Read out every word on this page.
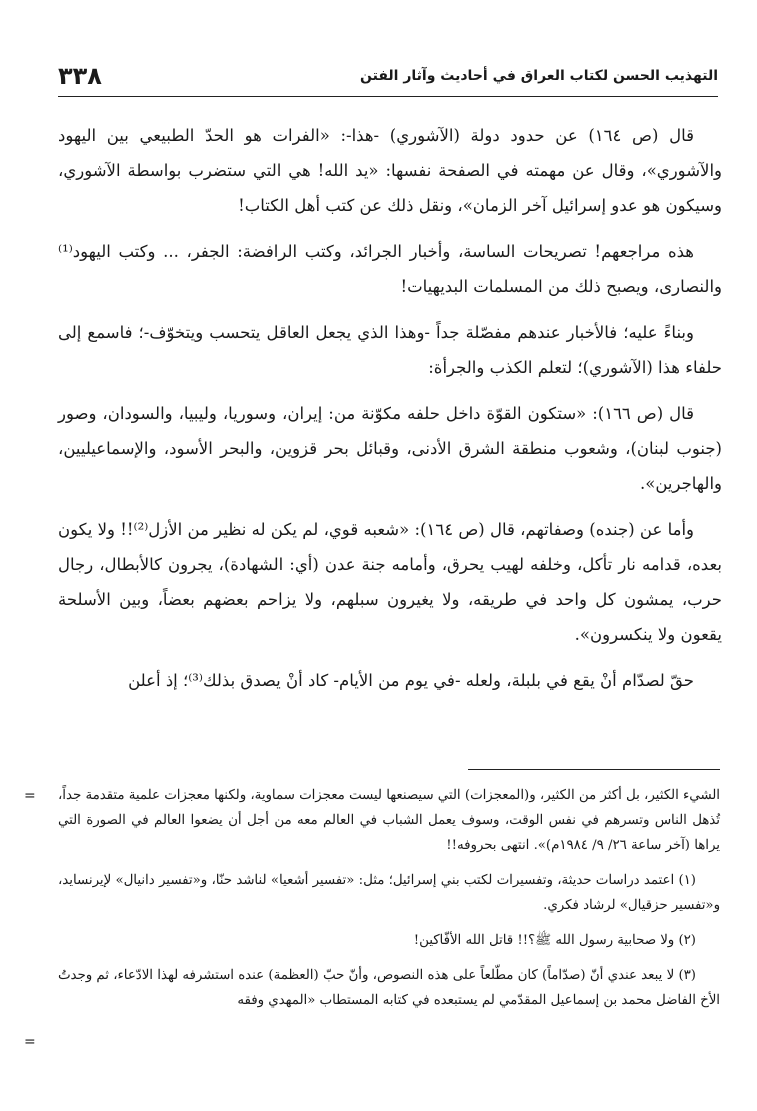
٣٣٨	التهذيب الحسن لكتاب العراق في أحاديث وآثار الفتن

قال (ص ١٦٤) عن حدود دولة (الآشوري) -هذا-: «الفرات هو الحدّ الطبيعي بين اليهود والآشوري»، وقال عن مهمته في الصفحة نفسها: «يد الله! هي التي ستضرب بواسطة الآشوري، وسيكون هو عدو إسرائيل آخر الزمان»، ونقل ذلك عن كتب أهل الكتاب!

هذه مراجعهم! تصريحات الساسة، وأخبار الجرائد، وكتب الرافضة: الجفر، ... وكتب اليهود⁽¹⁾ والنصارى، ويصبح ذلك من المسلمات البديهيات!

وبناءً عليه؛ فالأخبار عندهم مفصّلة جداً -وهذا الذي يجعل العاقل يتحسب ويتخوّف-؛ فاسمع إلى حلفاء هذا (الآشوري)؛ لتعلم الكذب والجرأة:

قال (ص ١٦٦): «ستكون القوّة داخل حلفه مكوّنة من: إيران، وسوريا، وليبيا، والسودان، وصور (جنوب لبنان)، وشعوب منطقة الشرق الأدنى، وقبائل بحر قزوين، والبحر الأسود، والإسماعيليين، والهاجرين».

وأما عن (جنده) وصفاتهم، قال (ص ١٦٤): «شعبه قوي، لم يكن له نظير من الأزل⁽²⁾!! ولا يكون بعده، قدامه نار تأكل، وخلفه لهيب يحرق، وأمامه جنة عدن (أي: الشهادة)، يجرون كالأبطال، رجال حرب، يمشون كل واحد في طريقه، ولا يغيرون سبلهم، ولا يزاحم بعضهم بعضاً، وبين الأسلحة يقعون ولا ينكسرون».

حقّ لصدّام أنْ يقع في بلبلة، ولعله -في يوم من الأيام- كاد أنْ يصدق بذلك⁽³⁾؛ إذ أعلن

= الشيء الكثير، بل أكثر من الكثير، و(المعجزات) التي سيصنعها ليست معجزات سماوية، ولكنها معجزات علمية متقدمة جداً، تُذهل الناس وتسرهم في نفس الوقت، وسوف يعمل الشباب في العالم معه من أجل أن يضعوا العالم في الصورة التي يراها (آخر ساعة ٢٦/ ٩/ ١٩٨٤م)». انتهى بحروفه!!

(١) اعتمد دراسات حديثة، وتفسيرات لكتب بني إسرائيل؛ مثل: «تفسير أشعيا» لناشد حنّا، و«تفسير دانيال» لإيرنسايد، و«تفسير حزقيال» لرشاد فكري.

(٢) ولا صحابية رسول الله ﷺ؟!! قاتل الله الأفّاكين!

(٣) لا يبعد عندي أنّ (صدّاماً) كان مطّلعاً على هذه النصوص، وأنّ حبّ (العظمة) عنده استشرفه لهذا الادّعاء، ثم وجدتُ الأخ الفاضل محمد بن إسماعيل المقدّمي لم يستبعده في كتابه المستطاب «المهدي وفقه

=
